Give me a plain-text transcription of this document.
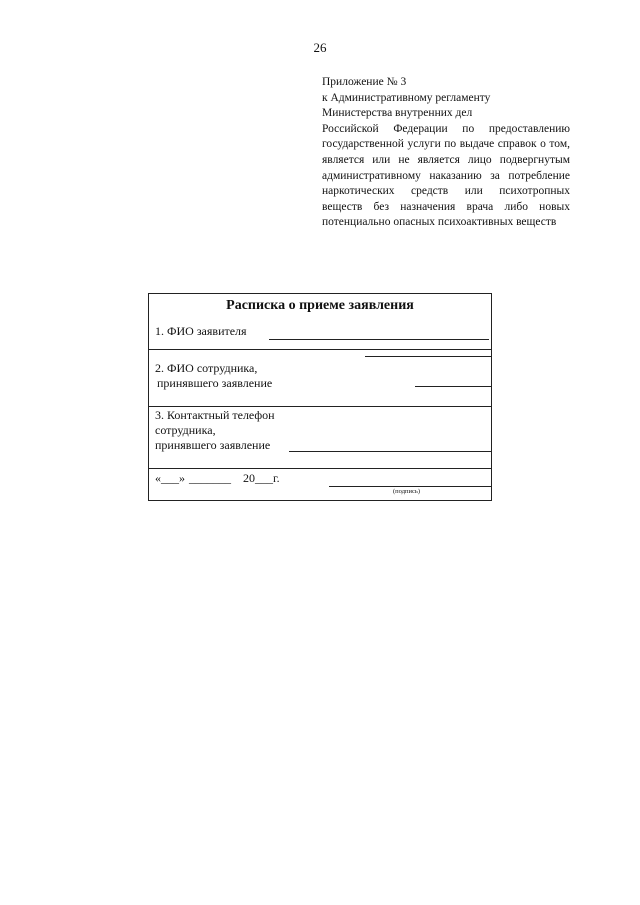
26
Приложение № 3
к Административному регламенту
Министерства внутренних дел
Российской Федерации по предоставлению государственной услуги по выдаче справок о том, является или не является лицо подвергнутым административному наказанию за потребление наркотических средств или психотропных веществ без назначения врача либо новых потенциально опасных психоактивных веществ
Расписка о приеме заявления
1. ФИО заявителя
2. ФИО сотрудника,
принявшего заявление
3. Контактный телефон
сотрудника,
принявшего заявление
«___» _______ 20___г.
(подпись)
